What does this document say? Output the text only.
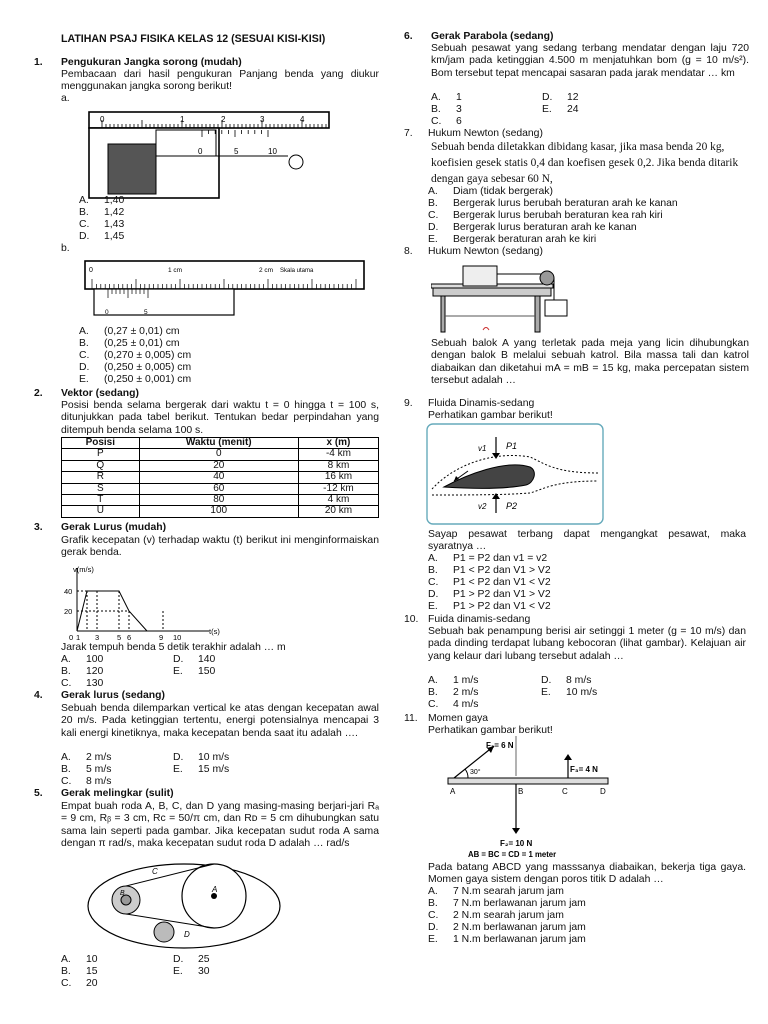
LATIHAN PSAJ FISIKA KELAS 12 (SESUAI KISI-KISI)
1. Pengukuran Jangka sorong (mudah)
Pembacaan dari hasil pengukuran Panjang benda yang diukur menggunakan jangka sorong berikut!
a.
0	1	2	3	4
0	5	10
A. 1,40
B. 1,42
C. 1,43
D. 1,45
b.
0	1 cm	2 cm Skala utama
0	5
A. (0,27 ± 0,01) cm
B. (0,25 ± 0,01) cm
C. (0,270 ± 0,005) cm
D. (0,250 ± 0,005) cm
E. (0,250 ± 0,001) cm
2. Vektor (sedang)
Posisi benda selama bergerak dari waktu t = 0 hingga t = 100 s, ditunjukkan pada tabel berikut. Tentukan bedar perpindahan yang ditempuh benda selama 100 s.
Posisi	Waktu (menit)	x (m)
P	0	-4 km
Q	20	8 km
R	40	16 km
S	60	-12 km
T	80	4 km
U	100	20 km
3. Gerak Lurus (mudah)
Grafik kecepatan (v) terhadap waktu (t) berikut ini menginformaiskan gerak benda.
v(m/s)
t(s)
40
20
0 1 3 5 6	9 10
Jarak tempuh benda 5 detik terakhir adalah … m
A. 100	D. 140
B. 120	E. 150
C. 130
4. Gerak lurus (sedang)
Sebuah benda dilemparkan vertical ke atas dengan kecepatan awal 20 m/s. Pada ketinggian tertentu, energi potensialnya mencapai 3 kali energi kinetiknya, maka kecepatan benda saat itu adalah ….
A. 2 m/s	D. 10 m/s
B. 5 m/s	E. 15 m/s
C. 8 m/s
5. Gerak melingkar (sulit)
Empat buah roda A, B, C, dan D yang masing-masing berjari-jari Rₐ = 9 cm, Rᵦ = 3 cm, Rc = 50/π cm, dan Rᴅ = 5 cm dihubungkan satu sama lain seperti pada gambar. Jika kecepatan sudut roda A sama dengan π rad/s, maka kecepatan sudut roda D adalah … rad/s
C
B	A
D
A. 10	D. 25
B. 15	E. 30
C. 20
6. Gerak Parabola (sedang)
Sebuah pesawat yang sedang terbang mendatar dengan laju 720 km/jam pada ketinggian 4.500 m menjatuhkan bom (g = 10 m/s²). Bom tersebut tepat mencapai sasaran pada jarak mendatar … km
A. 1	D. 12
B. 3	E. 24
C. 6
7. Hukum Newton (sedang)
Sebuah benda diletakkan dibidang kasar, jika masa benda 20 kg, koefisien gesek statis 0,4 dan koefisen gesek 0,2. Jika benda ditarik dengan gaya sebesar 60 N,
A. Diam (tidak bergerak)
B. Bergerak lurus berubah beraturan arah ke kanan
C. Bergerak lurus berubah beraturan kea rah kiri
D. Bergerak lurus beraturan arah ke kanan
E. Bergerak beraturan arah ke kiri
8. Hukum Newton (sedang)
Sebuah balok A yang terletak pada meja yang licin dihubungkan dengan balok B melalui sebuah katrol. Bila massa tali dan katrol diabaikan dan diketahui mA = mB = 15 kg, maka percepatan sistem tersebut adalah …
9. Fluida Dinamis-sedang
Perhatikan gambar berikut!
v1 P1
v2 P2
Sayap pesawat terbang dapat mengangkat pesawat, maka syaratnya …
A. P1 = P2 dan v1 = v2
B. P1 < P2 dan V1 > V2
C. P1 < P2 dan V1 < V2
D. P1 > P2 dan V1 > V2
E. P1 > P2 dan V1 < V2
10. Fuida dinamis-sedang
Sebuah bak penampung berisi air setinggi 1 meter (g = 10 m/s) dan pada dinding terdapat lubang kebocoran (lihat gambar). Kelajuan air yang kelaur dari lubang tersebut adalah …
A. 1 m/s	D. 8 m/s
B. 2 m/s	E. 10 m/s
C. 4 m/s
11. Momen gaya
Perhatikan gambar berikut!
F₁= 6 N
30°	F₃= 4 N
F₂= 10 N
A	B	C	D
AB = BC = CD = 1 meter
Pada batang ABCD yang masssanya diabaikan, bekerja tiga gaya. Momen gaya sistem dengan poros titik D adalah …
A. 7 N.m searah jarum jam
B. 7 N.m berlawanan jarum jam
C. 2 N.m searah jarum jam
D. 2 N.m berlawanan jarum jam
E. 1 N.m berlawanan jarum jam
